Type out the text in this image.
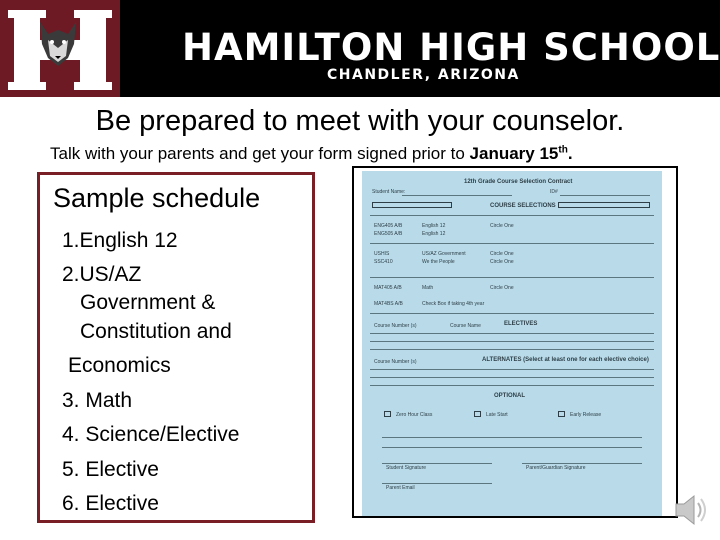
HAMILTON HIGH SCHOOL
CHANDLER, ARIZONA
Be prepared to meet with your counselor.
Talk with your parents and get your form signed prior to January 15th.
Sample schedule
1.English 12
2.US/AZ
Government &
Constitution and
Economics
3. Math
4. Science/Elective
5. Elective
6. Elective
12th Grade Course Selection Contract
Student Name:	ID#
COURSE SELECTIONS
ENG405 A/B	English 12	Circle One
ENG505 A/B	English 12
USHIS	US/AZ Government	Circle One
SSC410	We the People	Circle One
MAT405 A/B	Math	Circle One
MAT4BS A/B	Check Box if taking 4th year
ELECTIVES
Course Number (s)	Course Name
ALTERNATES (Select at least one for each elective choice)
Course Number (s)
OPTIONAL
Zero Hour Class	Late Start	Early Release
Student Signature	Parent/Guardian Signature
Parent Email
